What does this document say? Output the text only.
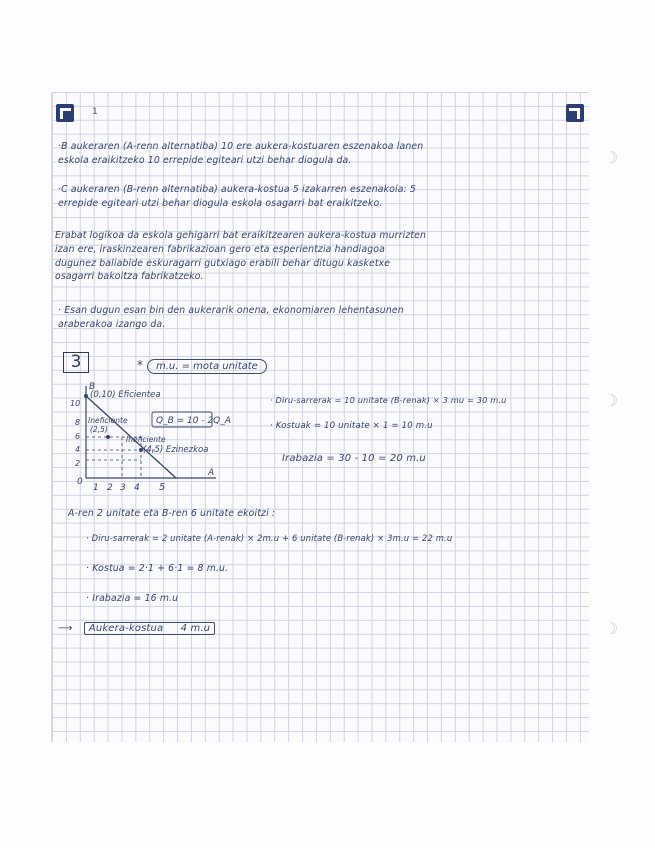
1
☽
☽
☽

·B aukeraren (A-renn alternatiba) 10 ere aukera-kostuaren eszenakoa lanen
eskola eraikitzeko 10 errepide egiteari utzi behar diogula da.

·C aukeraren (B-renn alternatiba) aukera-kostua 5 izakarren eszenakoia: 5
errepide egiteari utzi behar diogula eskola osagarri bat eraikitzeko.

Erabat logikoa da eskola gehigarri bat eraikitzearen aukera-kostua murrizten
izan ere, iraskinzearen fabrikazioan gero eta esperientzia handiagoa
dugunez baliabide eskuragarri gutxiago erabili behar ditugu kasketxe
osagarri bakoitza fabrikatzeko.

· Esan dugun esan bin den aukerarik onena, ekonomiaren lehentasunen
araberakoa izango da.

3	*	m.u. = mota unitate
B
A
0
2
4
6
8
10
1 2 3 4 5
(0,10) Eficientea
Ineficiente
(2,5)
Ineficiente
(4,5) Ezinezkoa
Q_B = 10 - 2Q_A

· Diru-sarrerak = 10 unitate (B-renak) × 3 mu = 30 m.u

· Kostuak = 10 unitate × 1 = 10 m.u

Irabazia = 30 - 10 = 20 m.u

A-ren 2 unitate eta B-ren 6 unitate ekoitzi :

· Diru-sarrerak = 2 unitate (A-renak) × 2m.u + 6 unitate (B-renak) × 3m.u = 22 m.u

· Kostua = 2·1 + 6·1 = 8 m.u.

· Irabazia = 16 m.u

⟶ Aukera-kostua 4 m.u
